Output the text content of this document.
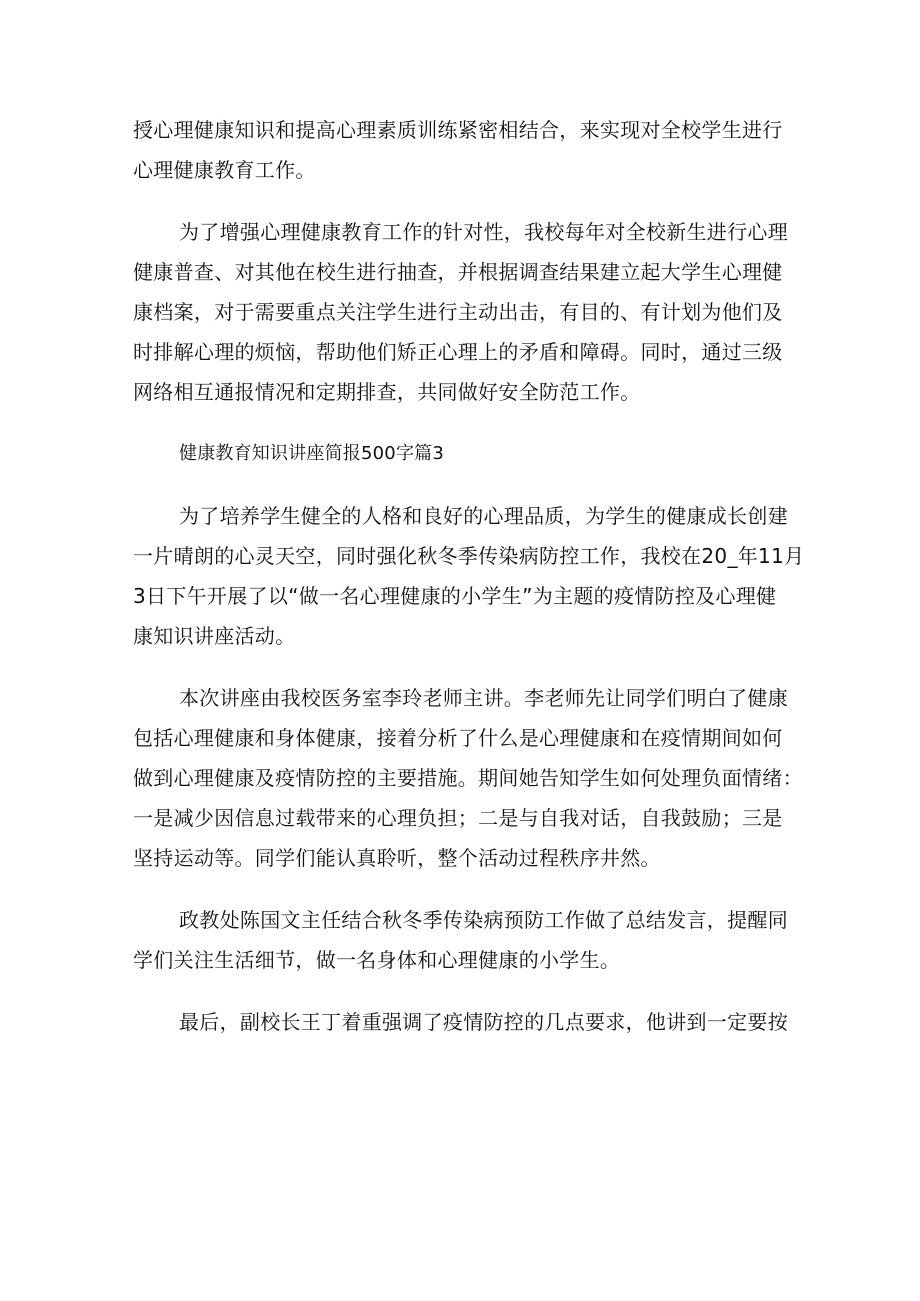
授心理健康知识和提高心理素质训练紧密相结合，来实现对全校学生进行
心理健康教育工作。
为了增强心理健康教育工作的针对性，我校每年对全校新生进行心理
健康普查、对其他在校生进行抽查，并根据调查结果建立起大学生心理健
康档案，对于需要重点关注学生进行主动出击，有目的、有计划为他们及
时排解心理的烦恼，帮助他们矫正心理上的矛盾和障碍。同时，通过三级
网络相互通报情况和定期排查，共同做好安全防范工作。
健康教育知识讲座简报500字篇3
为了培养学生健全的人格和良好的心理品质，为学生的健康成长创建
一片晴朗的心灵天空，同时强化秋冬季传染病防控工作，我校在20_年11月
3日下午开展了以“做一名心理健康的小学生”为主题的疫情防控及心理健
康知识讲座活动。
本次讲座由我校医务室李玲老师主讲。李老师先让同学们明白了健康
包括心理健康和身体健康，接着分析了什么是心理健康和在疫情期间如何
做到心理健康及疫情防控的主要措施。期间她告知学生如何处理负面情绪：
一是减少因信息过载带来的心理负担；二是与自我对话，自我鼓励；三是
坚持运动等。同学们能认真聆听，整个活动过程秩序井然。
政教处陈国文主任结合秋冬季传染病预防工作做了总结发言，提醒同
学们关注生活细节，做一名身体和心理健康的小学生。
最后，副校长王丁着重强调了疫情防控的几点要求，他讲到一定要按
